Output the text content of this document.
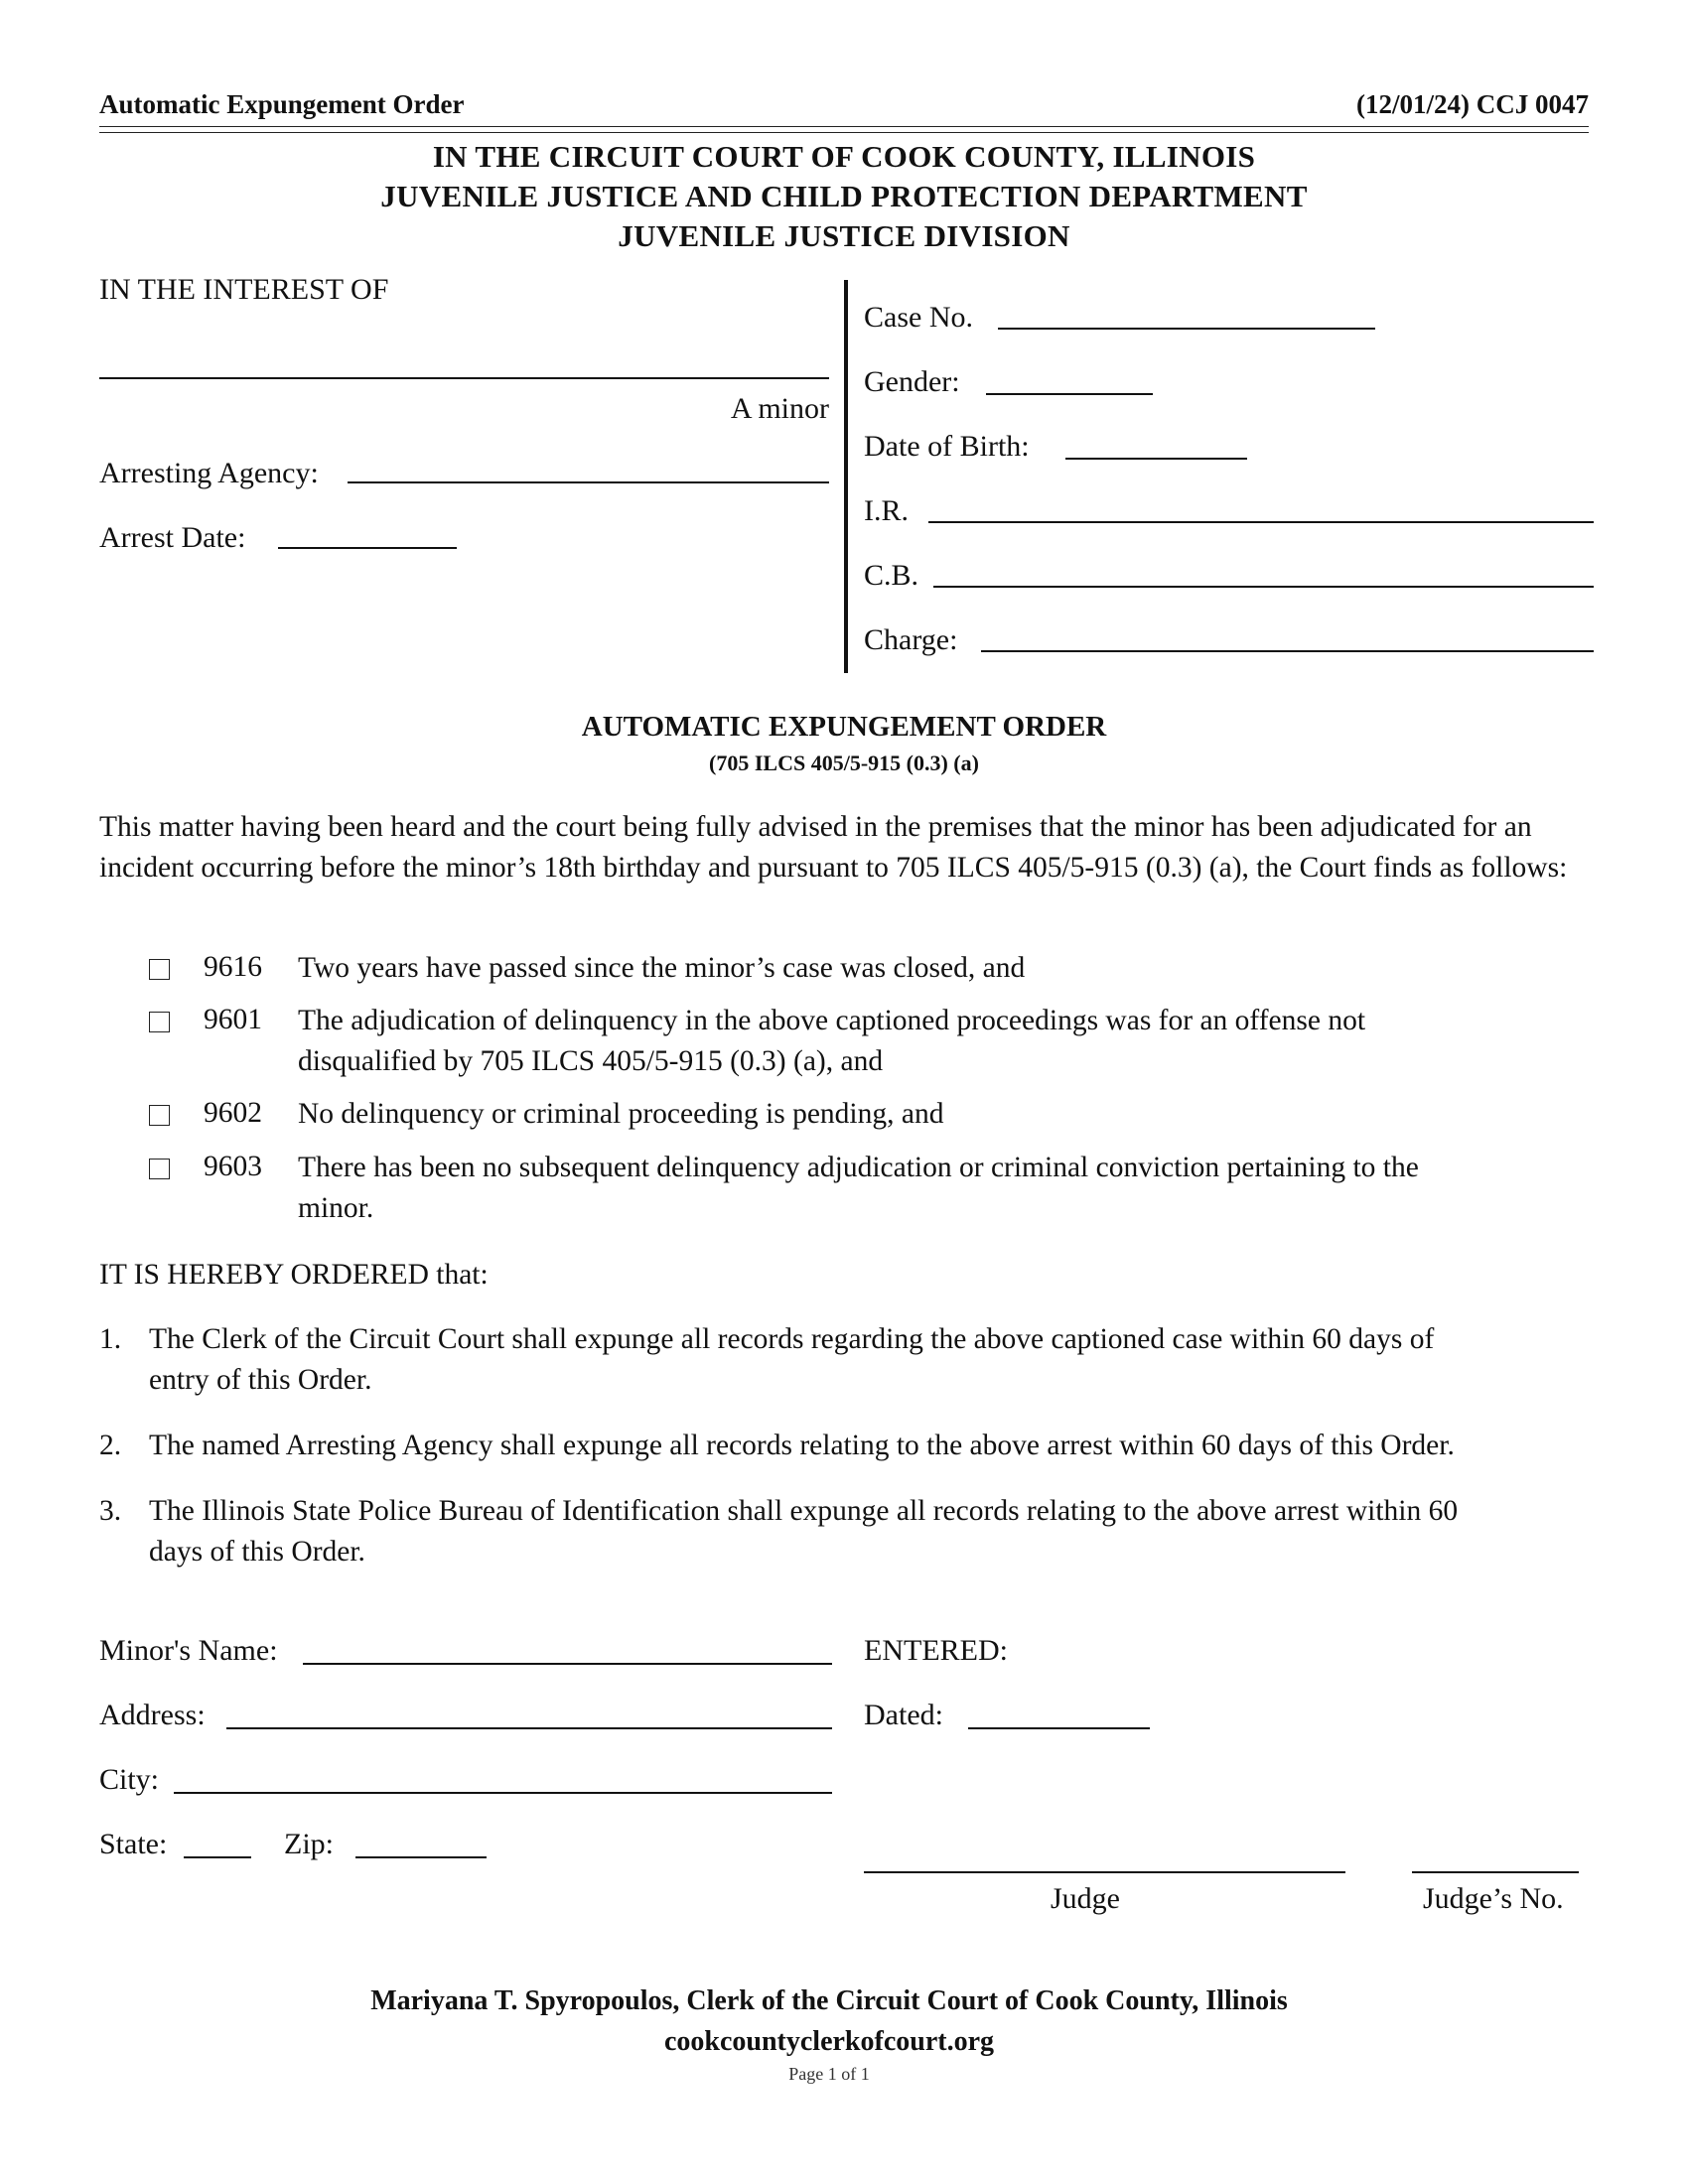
Automatic Expungement Order	(12/01/24) CCJ 0047
IN THE CIRCUIT COURT OF COOK COUNTY, ILLINOIS
JUVENILE JUSTICE AND CHILD PROTECTION DEPARTMENT
JUVENILE JUSTICE DIVISION
IN THE INTEREST OF
A minor
Arresting Agency:
Arrest Date:
Case No.
Gender:
Date of Birth:
I.R.
C.B.
Charge:
AUTOMATIC EXPUNGEMENT ORDER
(705 ILCS 405/5-915 (0.3) (a)
This matter having been heard and the court being fully advised in the premises that the minor has been adjudicated for an incident occurring before the minor’s 18th birthday and pursuant to 705 ILCS 405/5-915 (0.3) (a), the Court finds as follows:
9616 Two years have passed since the minor’s case was closed, and
9601 The adjudication of delinquency in the above captioned proceedings was for an offense not
disqualified by 705 ILCS 405/5-915 (0.3) (a), and
9602 No delinquency or criminal proceeding is pending, and
9603 There has been no subsequent delinquency adjudication or criminal conviction pertaining to the
minor.
IT IS HEREBY ORDERED that:
1. The Clerk of the Circuit Court shall expunge all records regarding the above captioned case within 60 days of
entry of this Order.
2. The named Arresting Agency shall expunge all records relating to the above arrest within 60 days of this Order.
3. The Illinois State Police Bureau of Identification shall expunge all records relating to the above arrest within 60
days of this Order.
Minor's Name:
Address:
City:
State:	Zip:
ENTERED:
Dated:
Judge	Judge’s No.
Mariyana T. Spyropoulos, Clerk of the Circuit Court of Cook County, Illinois
cookcountyclerkofcourt.org
Page 1 of 1
